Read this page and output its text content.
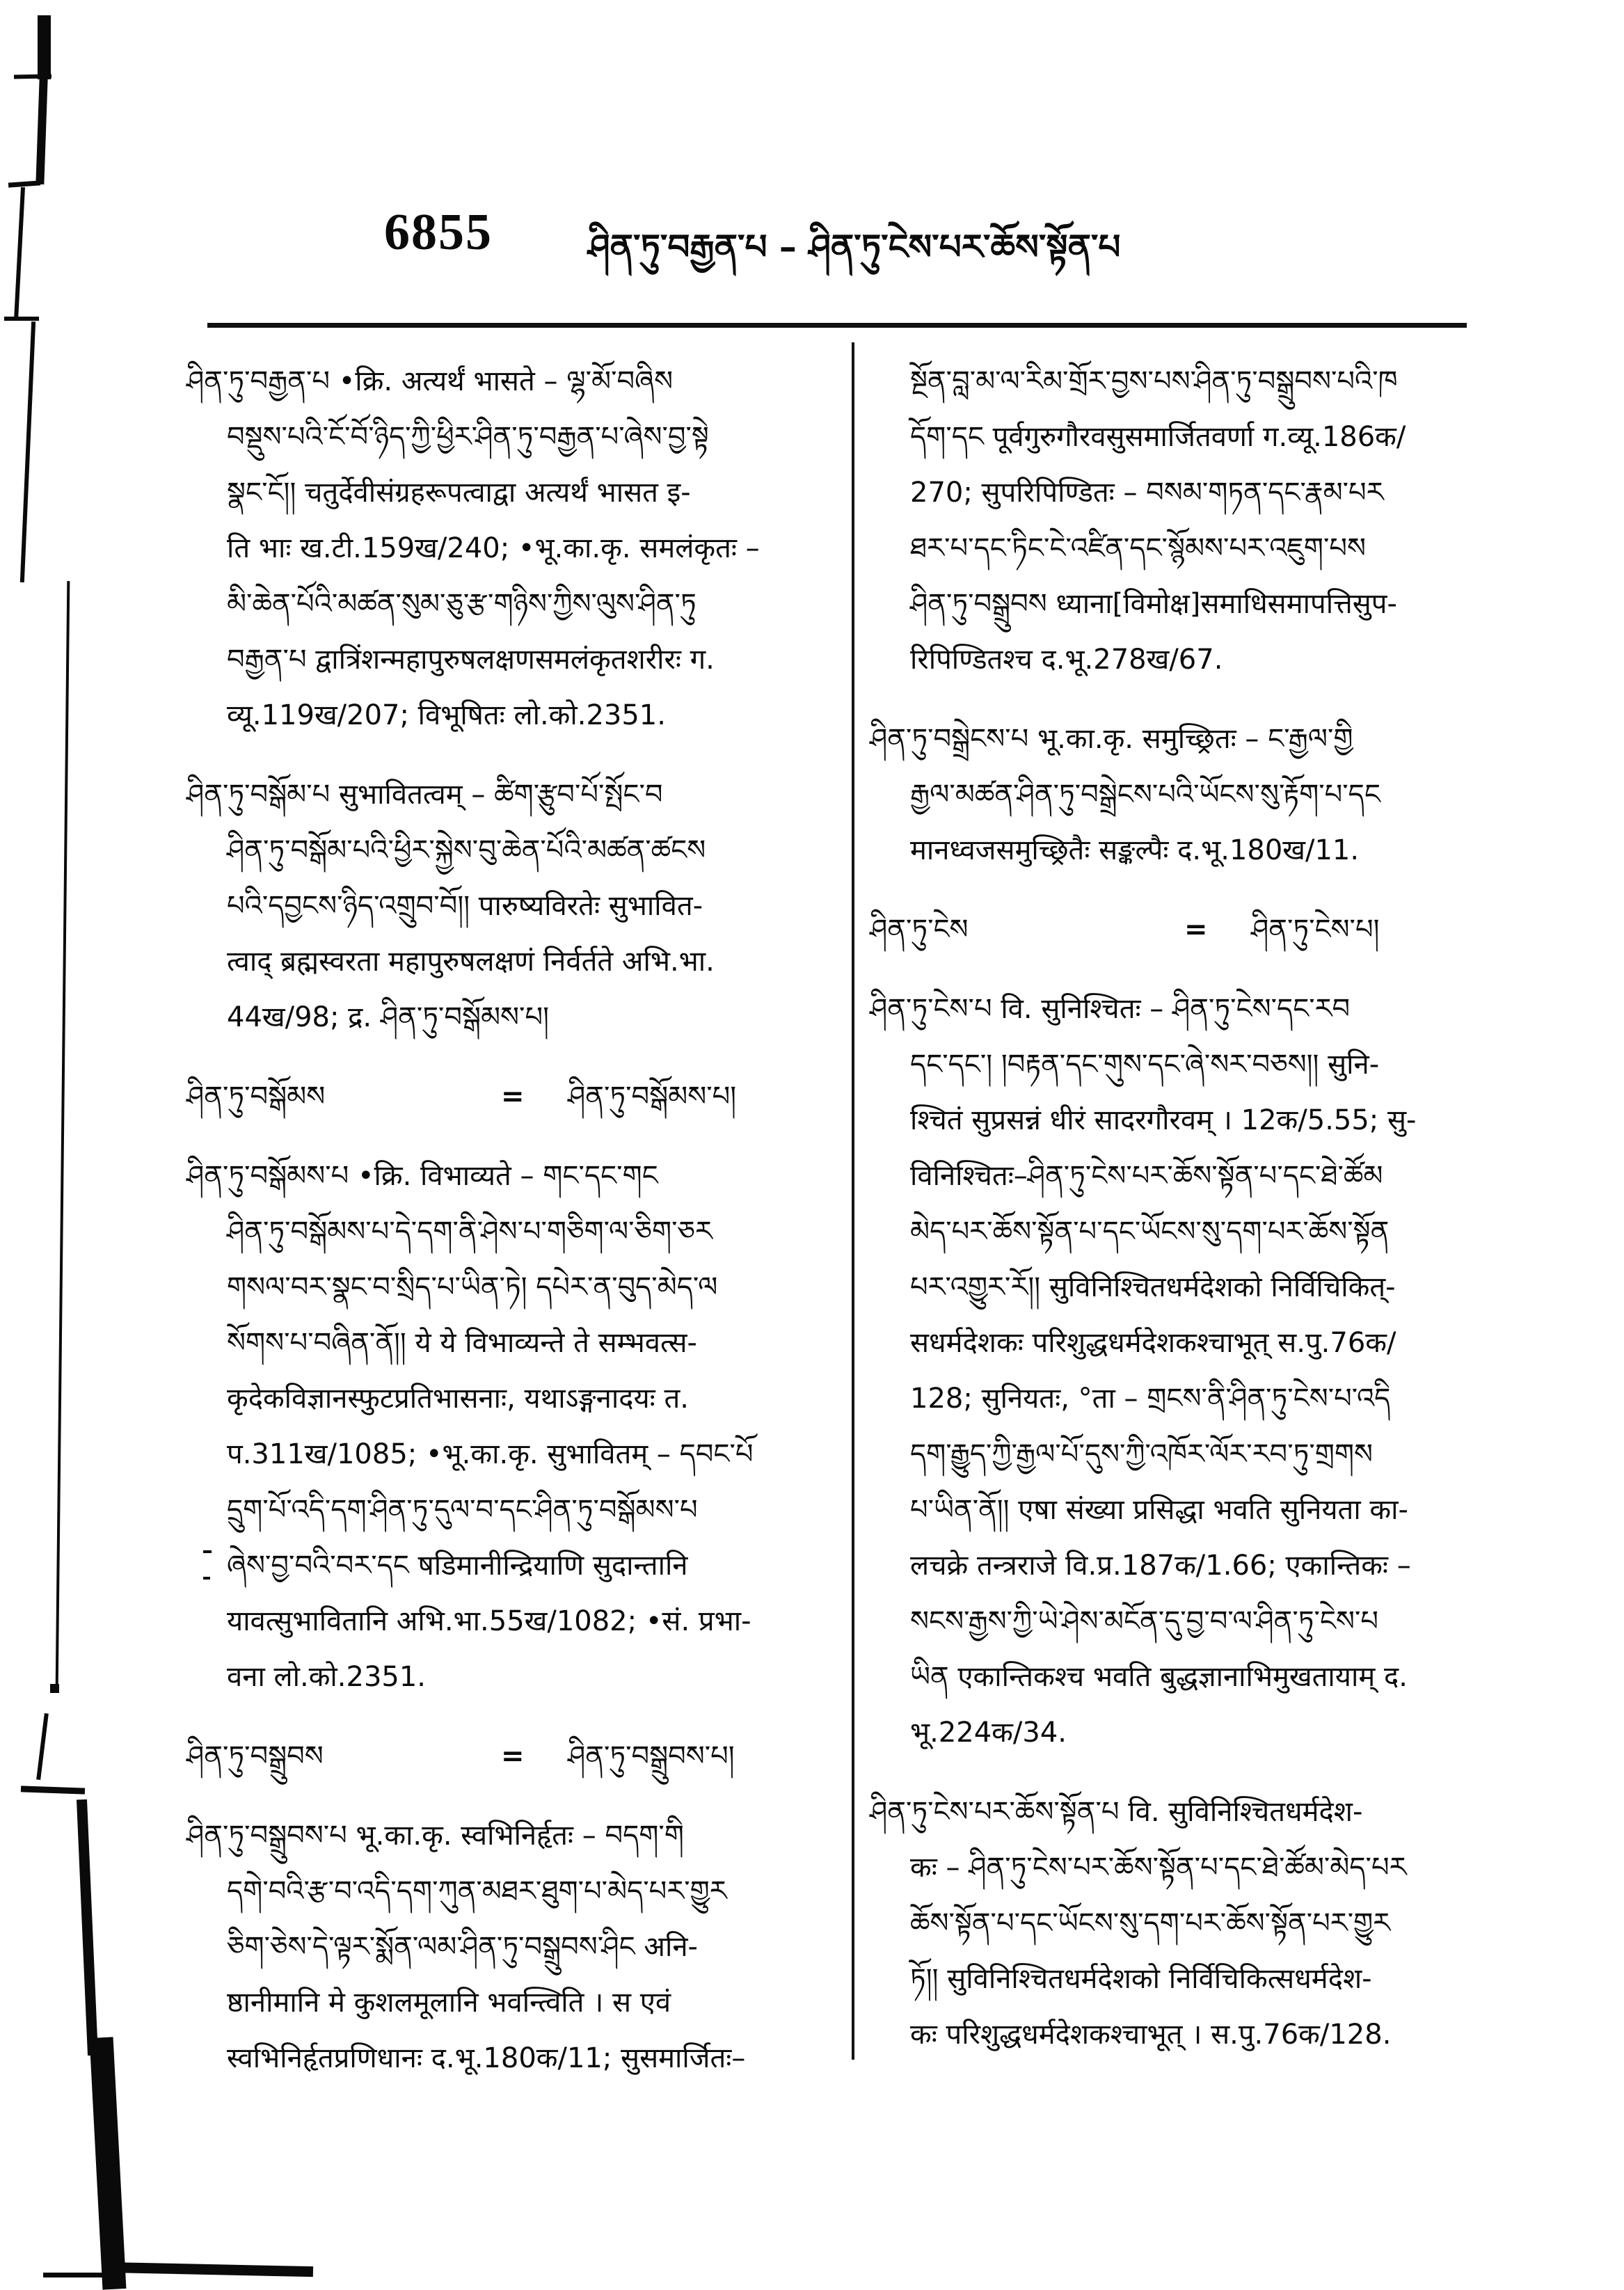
6855	ཤིན་ཏུ་བརྒྱན་པ – ཤིན་ཏུ་ངེས་པར་ཆོས་སྟོན་པ
ཤིན་ཏུ་བརྒྱན་པ •क्रि. अत्यर्थं भासते – ལྷ་མོ་བཞིས
བསྡུས་པའི་ངོ་བོ་ཉིད་ཀྱི་ཕྱིར་ཤིན་ཏུ་བརྒྱན་པ་ཞེས་བྱ་སྟེ
སྣང་ངོ།། चतुर्देवीसंग्रहरूपत्वाद्वा अत्यर्थं भासत इ-
ति भाः ख.टी.159ख/240; •भू.का.कृ. समलंकृतः –
མི་ཆེན་པོའི་མཚན་སུམ་ཅུ་རྩ་གཉིས་ཀྱིས་ལུས་ཤིན་ཏུ
བརྒྱན་པ द्वात्रिंशन्महापुरुषलक्षणसमलंकृतशरीरः ग.
व्यू.119ख/207; विभूषितः लो.को.2351.
ཤིན་ཏུ་བསྒོམ་པ सुभावितत्वम् – ཚིག་རྩུབ་པོ་སྤོང་བ
ཤིན་ཏུ་བསྒོམ་པའི་ཕྱིར་སྐྱེས་བུ་ཆེན་པོའི་མཚན་ཚངས
པའི་དབྱངས་ཉིད་འགྲུབ་བོ།། पारुष्यविरतेः सुभावित-
त्वाद् ब्रह्मस्वरता महापुरुषलक्षणं निर्वर्तते अभि.भा.
44ख/98; द्र. ཤིན་ཏུ་བསྒོམས་པ།
ཤིན་ཏུ་བསྒོམས	=	ཤིན་ཏུ་བསྒོམས་པ།
ཤིན་ཏུ་བསྒོམས་པ •क्रि. विभाव्यते – གང་དང་གང
ཤིན་ཏུ་བསྒོམས་པ་དེ་དག་ནི་ཤེས་པ་གཅིག་ལ་ཅིག་ཅར
གསལ་བར་སྣང་བ་སྲིད་པ་ཡིན་ཏེ། དཔེར་ན་བུད་མེད་ལ
སོགས་པ་བཞིན་ནོ།། ये ये विभाव्यन्ते ते सम्भवत्स-
कृदेकविज्ञानस्फुटप्रतिभासनाः, यथाऽङ्गनादयः त.
प.311ख/1085; •भू.का.कृ. सुभावितम् – དབང་པོ
དྲུག་པོ་འདི་དག་ཤིན་ཏུ་དུལ་བ་དང་ཤིན་ཏུ་བསྒོམས་པ
ཞེས་བྱ་བའི་བར་དང षडिमानीन्द्रियाणि सुदान्तानि
यावत्सुभावितानि अभि.भा.55ख/1082; •सं. प्रभा-
वना लो.को.2351.
ཤིན་ཏུ་བསྒྲུབས	=	ཤིན་ཏུ་བསྒྲུབས་པ།
ཤིན་ཏུ་བསྒྲུབས་པ भू.का.कृ. स्वभिनिर्हृतः – བདག་གི
དགེ་བའི་རྩ་བ་འདི་དག་ཀུན་མཐར་ཐུག་པ་མེད་པར་གྱུར
ཅིག་ཅེས་དེ་ལྟར་སྨོན་ལམ་ཤིན་ཏུ་བསྒྲུབས་ཤིང अनि-
ष्ठानीमानि मे कुशलमूलानि भवन्त्विति । स एवं
स्वभिनिर्हृतप्रणिधानः द.भू.180क/11; सुसमार्जितः–
སྔོན་བླ་མ་ལ་རིམ་གྲོར་བྱས་པས་ཤིན་ཏུ་བསྒྲུབས་པའི་ཁ
དོག་དང पूर्वगुरुगौरवसुसमार्जितवर्णा ग.व्यू.186क/
270; सुपरिपिण्डितः – བསམ་གཏན་དང་རྣམ་པར
ཐར་པ་དང་ཏིང་ངེ་འཛིན་དང་སྙོམས་པར་འཇུག་པས
ཤིན་ཏུ་བསྒྲུབས ध्याना[विमोक्ष]समाधिसमापत्तिसुप-
रिपिण्डितश्च द.भू.278ख/67.
ཤིན་ཏུ་བསྒྲེངས་པ भू.का.कृ. समुच्छ्रितः – ང་རྒྱལ་གྱི
རྒྱལ་མཚན་ཤིན་ཏུ་བསྒྲེངས་པའི་ཡོངས་སུ་རྟོག་པ་དང
मानध्वजसमुच्छ्रितैः सङ्कल्पैः द.भू.180ख/11.
ཤིན་ཏུ་ངེས	=	ཤིན་ཏུ་ངེས་པ།
ཤིན་ཏུ་ངེས་པ वि. सुनिश्चितः – ཤིན་ཏུ་ངེས་དང་རབ
དང་དང་། །བརྟན་དང་གུས་དང་ཞེ་སར་བཅས།། सुनि-
श्चितं सुप्रसन्नं धीरं सादरगौरवम् । 12क/5.55; सु-
विनिश्चितः–ཤིན་ཏུ་ངེས་པར་ཆོས་སྟོན་པ་དང་ཐེ་ཚོམ
མེད་པར་ཆོས་སྟོན་པ་དང་ཡོངས་སུ་དག་པར་ཆོས་སྟོན
པར་འགྱུར་རོ།། सुविनिश्चितधर्मदेशको निर्विचिकित्-
सधर्मदेशकः परिशुद्धधर्मदेशकश्चाभूत् स.पु.76क/
128; सुनियतः, °ता – གྲངས་ནི་ཤིན་ཏུ་ངེས་པ་འདི
དག་རྒྱུད་ཀྱི་རྒྱལ་པོ་དུས་ཀྱི་འཁོར་ལོར་རབ་ཏུ་གྲགས
པ་ཡིན་ནོ།། एषा संख्या प्रसिद्धा भवति सुनियता का-
लचक्रे तन्त्रराजे वि.प्र.187क/1.66; एकान्तिकः –
སངས་རྒྱས་ཀྱི་ཡེ་ཤེས་མངོན་དུ་བྱ་བ་ལ་ཤིན་ཏུ་ངེས་པ
ཡིན एकान्तिकश्च भवति बुद्धज्ञानाभिमुखतायाम् द.
भू.224क/34.
ཤིན་ཏུ་ངེས་པར་ཆོས་སྟོན་པ वि. सुविनिश्चितधर्मदेश-
कः – ཤིན་ཏུ་ངེས་པར་ཆོས་སྟོན་པ་དང་ཐེ་ཚོམ་མེད་པར
ཆོས་སྟོན་པ་དང་ཡོངས་སུ་དག་པར་ཆོས་སྟོན་པར་གྱུར
ཏོ།། सुविनिश्चितधर्मदेशको निर्विचिकित्सधर्मदेश-
कः परिशुद्धधर्मदेशकश्चाभूत् । स.पु.76क/128.
